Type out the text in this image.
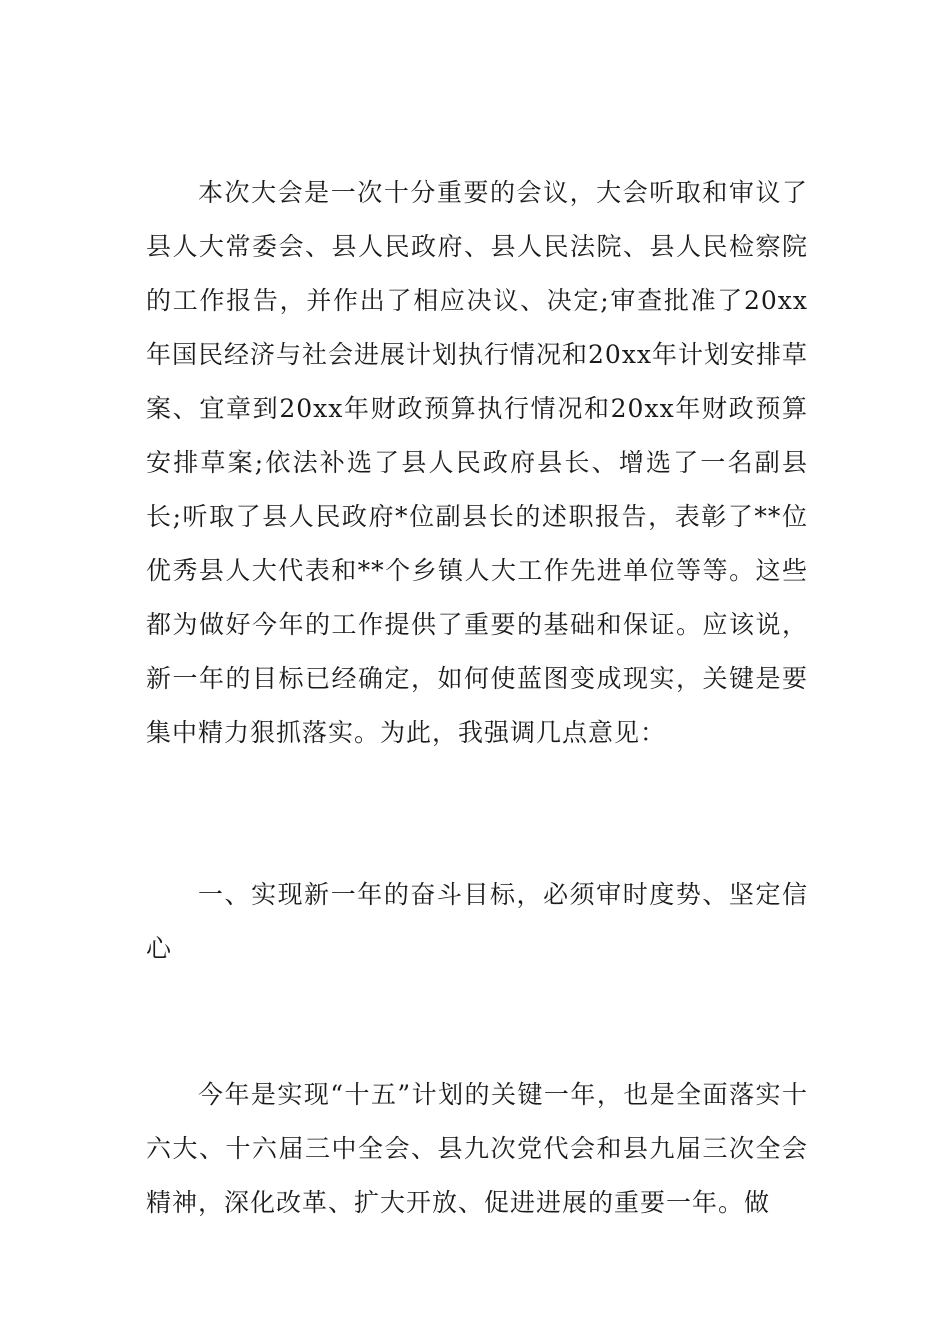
本次大会是一次十分重要的会议，大会听取和审议了县人大常委会、县人民政府、县人民法院、县人民检察院的工作报告，并作出了相应决议、决定;审查批准了20xx年国民经济与社会进展计划执行情况和20xx年计划安排草案、宜章到20xx年财政预算执行情况和20xx年财政预算安排草案;依法补选了县人民政府县长、增选了一名副县长;听取了县人民政府*位副县长的述职报告，表彰了**位优秀县人大代表和**个乡镇人大工作先进单位等等。这些都为做好今年的工作提供了重要的基础和保证。应该说，新一年的目标已经确定，如何使蓝图变成现实，关键是要集中精力狠抓落实。为此，我强调几点意见：

一、实现新一年的奋斗目标，必须审时度势、坚定信心

今年是实现“十五”计划的关键一年，也是全面落实十六大、十六届三中全会、县九次党代会和县九届三次全会精神，深化改革、扩大开放、促进进展的重要一年。做
